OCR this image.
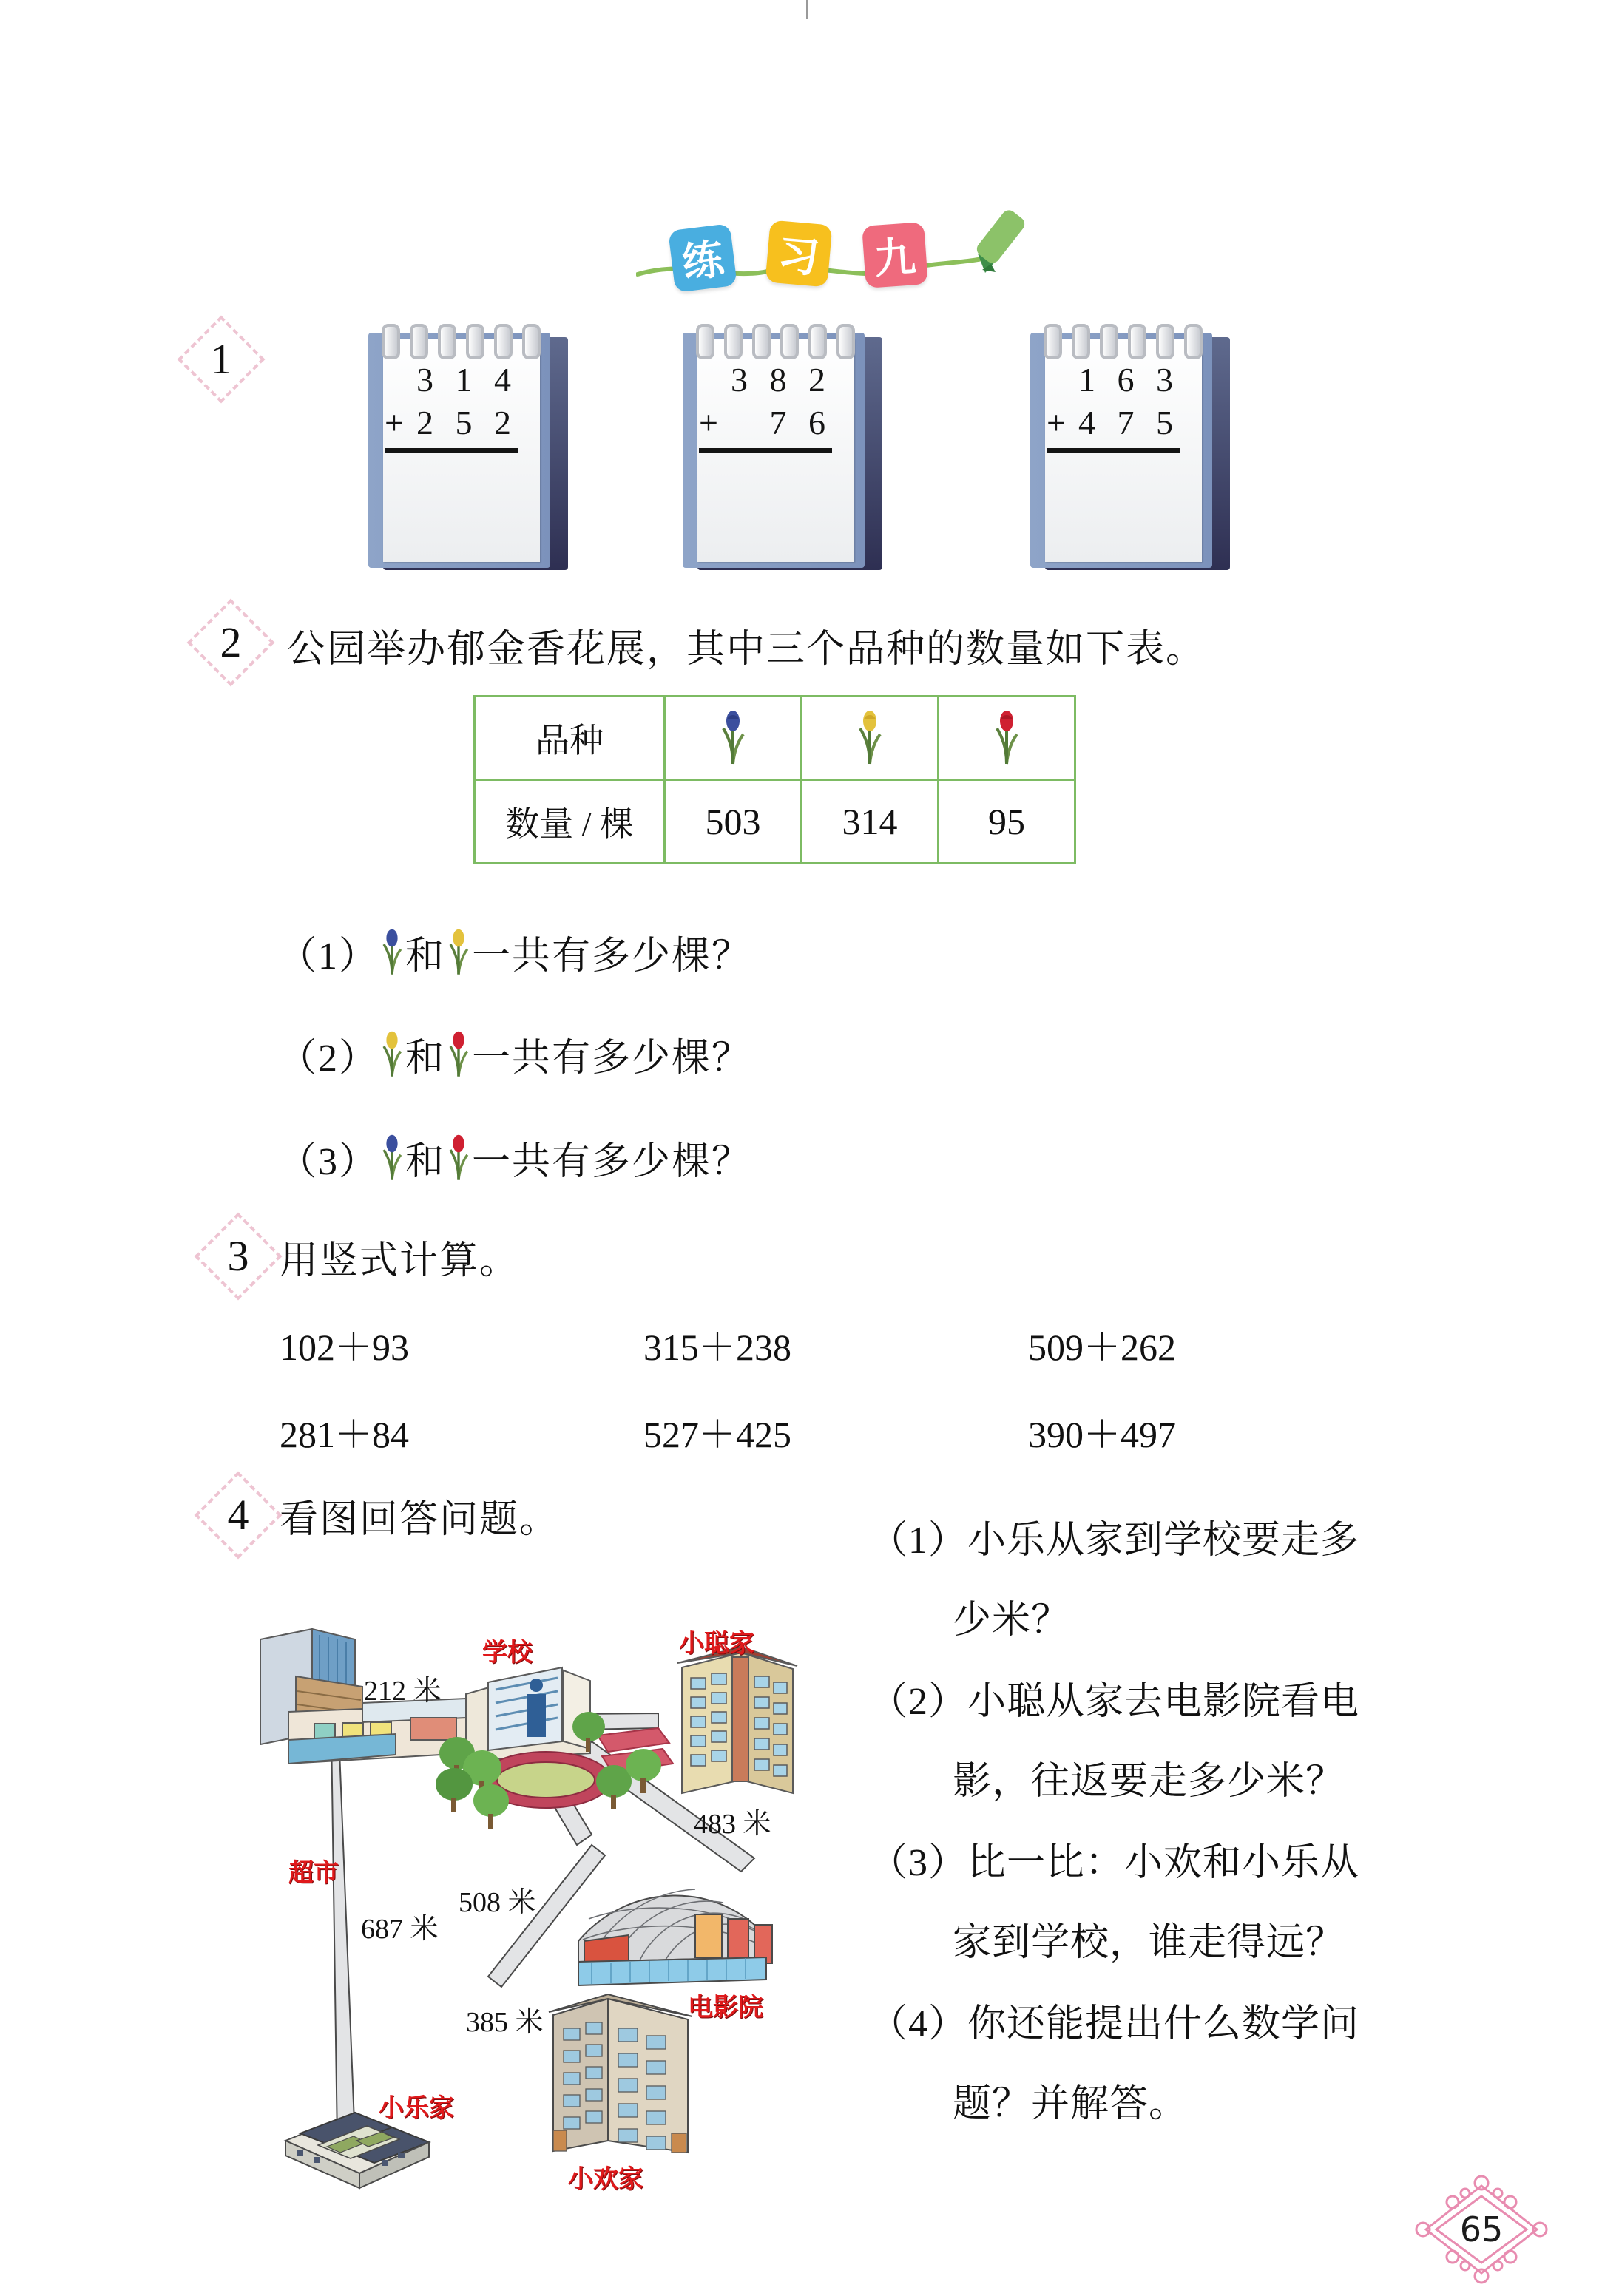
练 习 九
1	3 1 4
+ 2 5 2
3 8 2
+ 7 6
1 6 3
+ 4 7 5
2	公园举办郁金香花展，其中三个品种的数量如下表。
品种			
数量 / 棵	503	314	95
（1） 和 一共有多少棵？
（2） 和 一共有多少棵？
（3） 和 一共有多少棵？
3 用竖式计算。
102＋93	315＋238	509＋262
281＋84	527＋425	390＋497
4 看图回答问题。
超市
学校	小聪家
电影院
小乐家
小欢家
212 米
687 米
508 米
483 米
385 米
（1）小乐从家到学校要走多
少米？
（2）小聪从家去电影院看电
影，往返要走多少米？
（3）比一比：小欢和小乐从
家到学校，谁走得远？
（4）你还能提出什么数学问
题？并解答。
65
